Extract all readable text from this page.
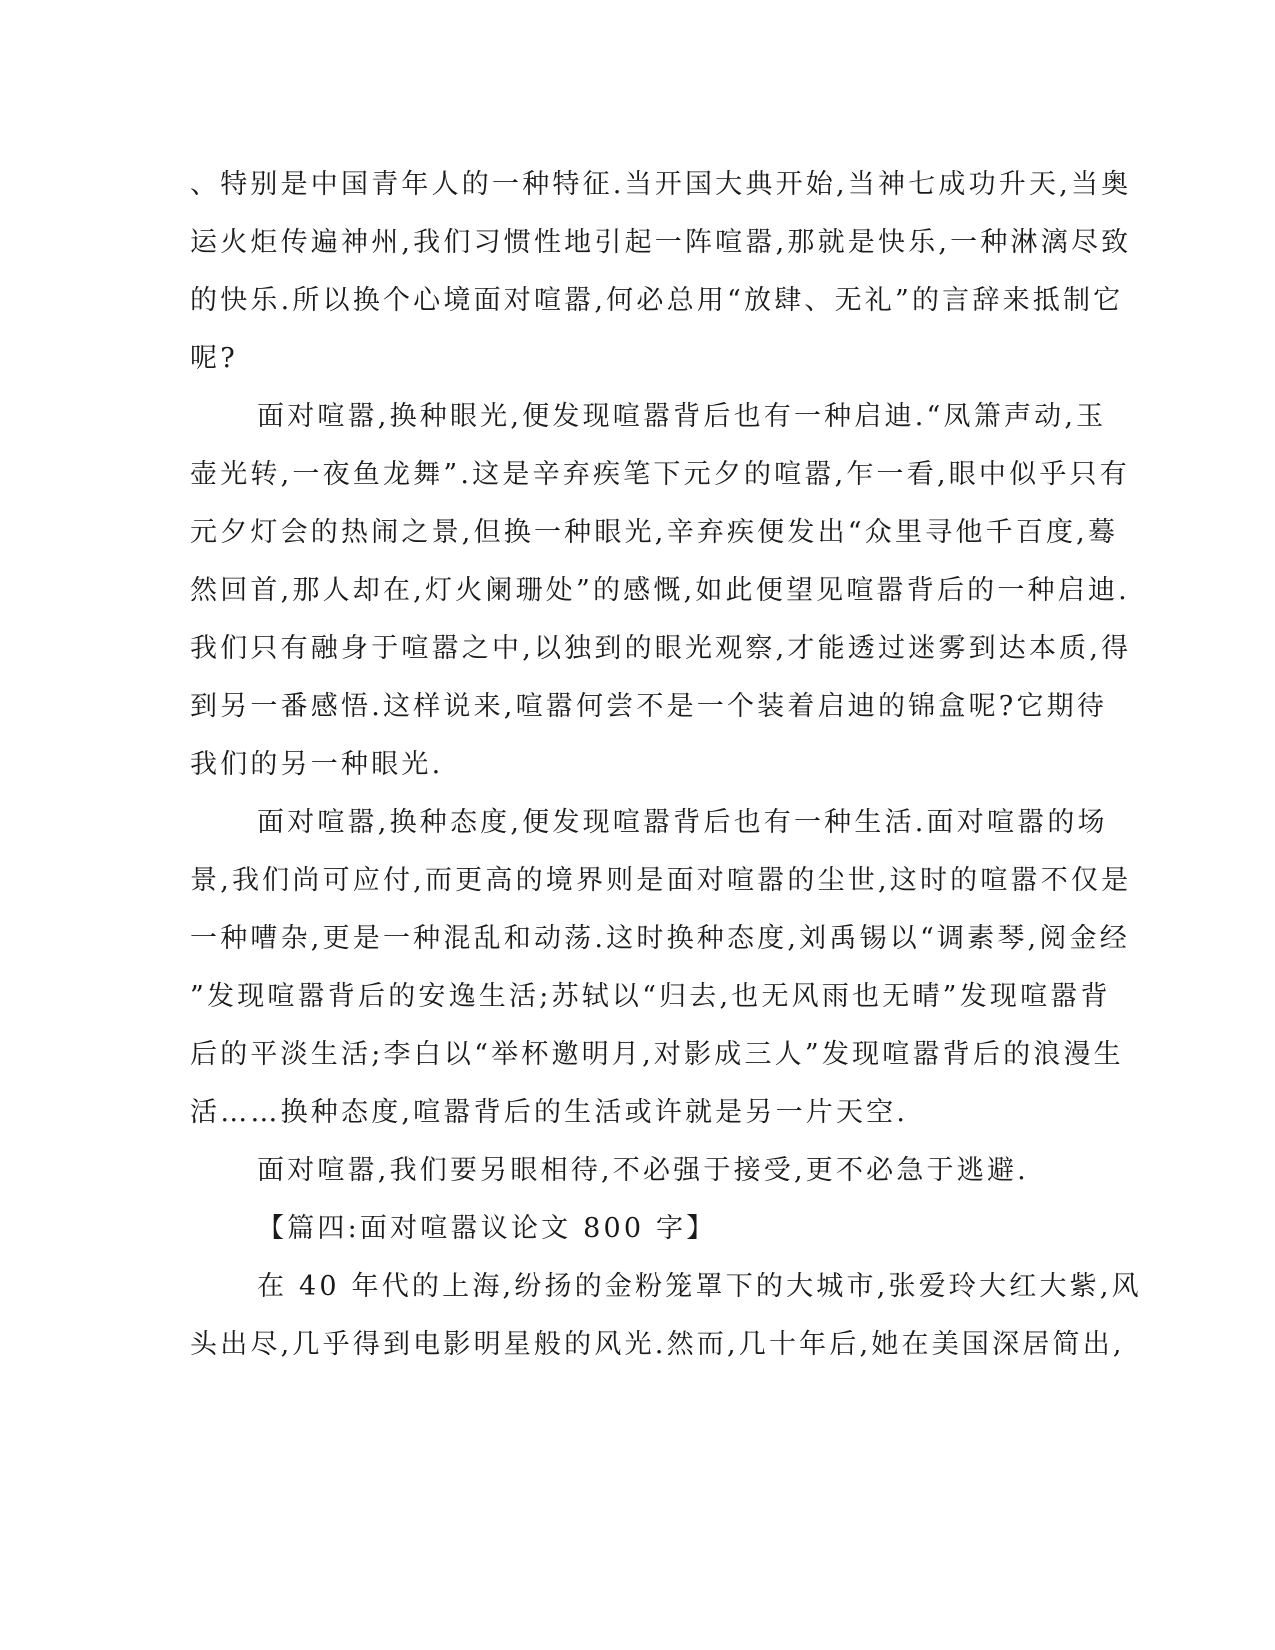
、特别是中国青年人的一种特征.当开国大典开始,当神七成功升天,当奥
运火炬传遍神州,我们习惯性地引起一阵喧嚣,那就是快乐,一种淋漓尽致
的快乐.所以换个心境面对喧嚣,何必总用“放肆、无礼”的言辞来抵制它
呢?
面对喧嚣,换种眼光,便发现喧嚣背后也有一种启迪.“凤箫声动,玉
壶光转,一夜鱼龙舞”.这是辛弃疾笔下元夕的喧嚣,乍一看,眼中似乎只有
元夕灯会的热闹之景,但换一种眼光,辛弃疾便发出“众里寻他千百度,蓦
然回首,那人却在,灯火阑珊处”的感慨,如此便望见喧嚣背后的一种启迪.
我们只有融身于喧嚣之中,以独到的眼光观察,才能透过迷雾到达本质,得
到另一番感悟.这样说来,喧嚣何尝不是一个装着启迪的锦盒呢?它期待
我们的另一种眼光.
面对喧嚣,换种态度,便发现喧嚣背后也有一种生活.面对喧嚣的场
景,我们尚可应付,而更高的境界则是面对喧嚣的尘世,这时的喧嚣不仅是
一种嘈杂,更是一种混乱和动荡.这时换种态度,刘禹锡以“调素琴,阅金经
”发现喧嚣背后的安逸生活;苏轼以“归去,也无风雨也无晴”发现喧嚣背
后的平淡生活;李白以“举杯邀明月,对影成三人”发现喧嚣背后的浪漫生
活……换种态度,喧嚣背后的生活或许就是另一片天空.
面对喧嚣,我们要另眼相待,不必强于接受,更不必急于逃避.
【篇四:面对喧嚣议论文 800 字】
在 40 年代的上海,纷扬的金粉笼罩下的大城市,张爱玲大红大紫,风
头出尽,几乎得到电影明星般的风光.然而,几十年后,她在美国深居简出,
